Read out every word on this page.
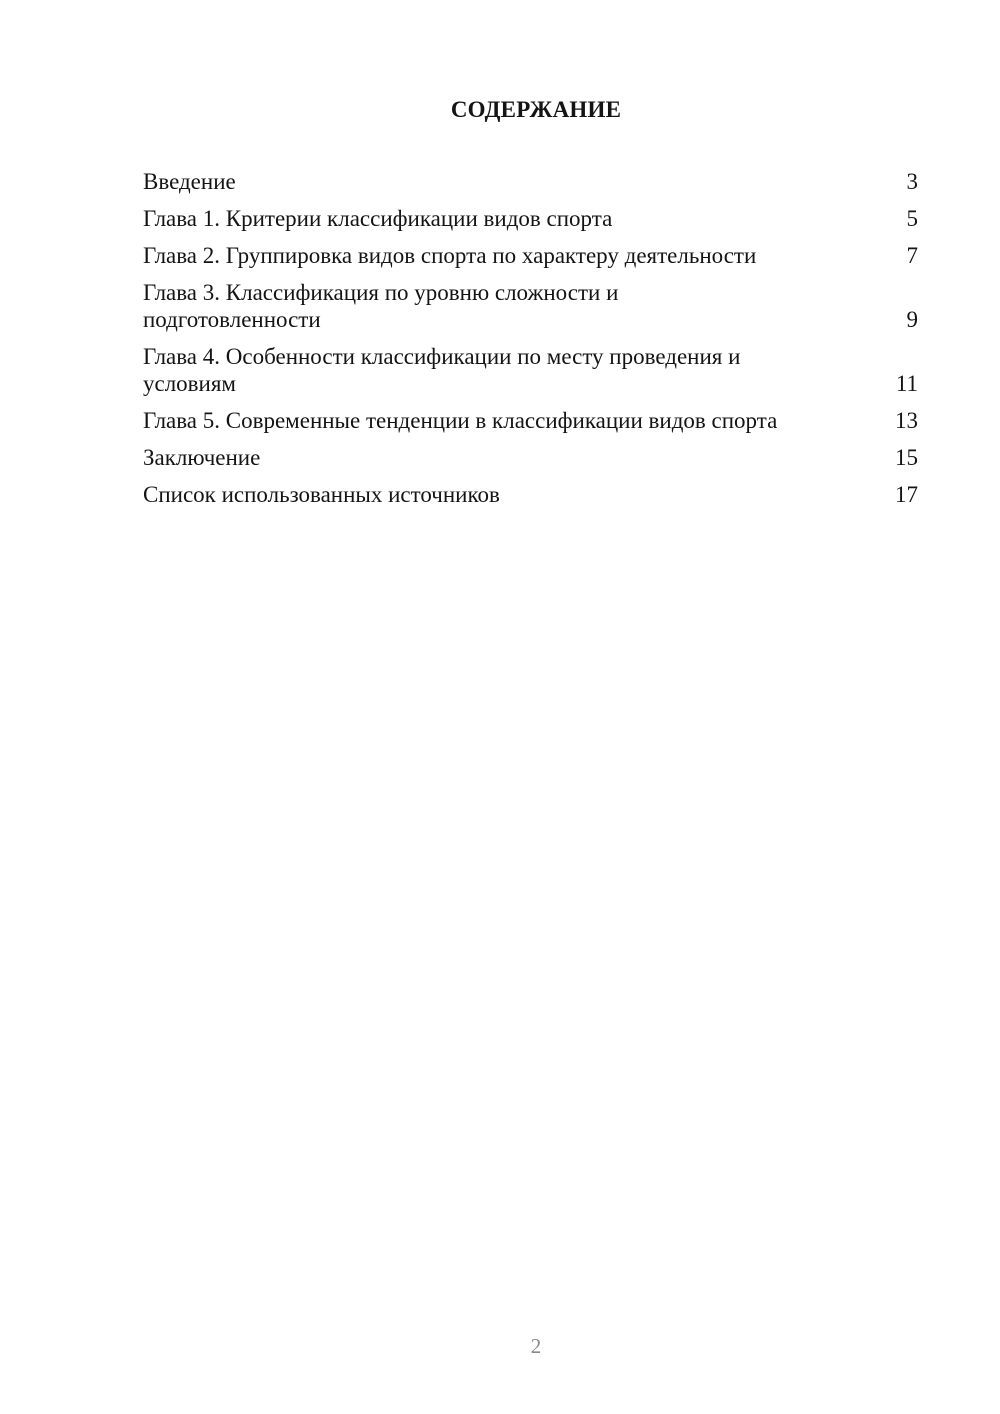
СОДЕРЖАНИЕ
Введение	3
Глава 1. Критерии классификации видов спорта	5
Глава 2. Группировка видов спорта по характеру деятельности	7
Глава 3. Классификация по уровню сложности и подготовленности	9
Глава 4. Особенности классификации по месту проведения и условиям	11
Глава 5. Современные тенденции в классификации видов спорта	13
Заключение	15
Список использованных источников	17
2
